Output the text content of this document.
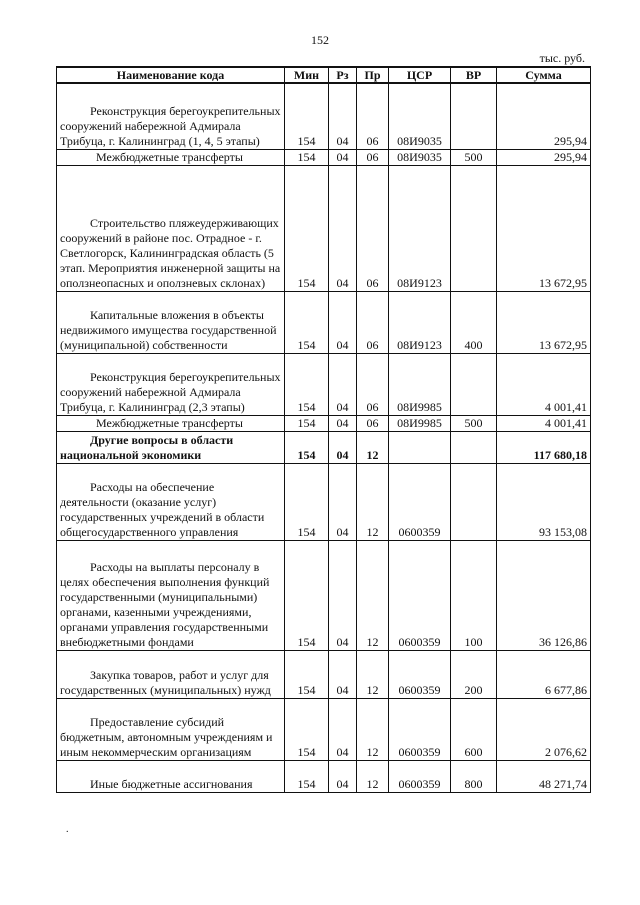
152
тыс. руб.
Наименование кода	Мин	Рз	Пр	ЦСР	ВР	Сумма
Реконструкция берегоукрепительных сооружений набережной Адмирала Трибуца, г. Калининград (1, 4, 5 этапы)	154	04	06	08И9035		295,94
Межбюджетные трансферты	154	04	06	08И9035	500	295,94
Строительство пляжеудерживающих сооружений в районе пос. Отрадное - г. Светлогорск, Калининградская область (5 этап. Мероприятия инженерной защиты на оползнеопасных и оползневых склонах)	154	04	06	08И9123		13 672,95
Капитальные вложения в объекты недвижимого имущества государственной (муниципальной) собственности	154	04	06	08И9123	400	13 672,95
Реконструкция берегоукрепительных сооружений набережной Адмирала Трибуца, г. Калининград (2,3 этапы)	154	04	06	08И9985		4 001,41
Межбюджетные трансферты	154	04	06	08И9985	500	4 001,41
Другие вопросы в области национальной экономики	154	04	12			117 680,18
Расходы на обеспечение деятельности (оказание услуг) государственных учреждений в области общегосударственного управления	154	04	12	0600359		93 153,08
Расходы на выплаты персоналу в целях обеспечения выполнения функций государственными (муниципальными) органами, казенными учреждениями, органами управления государственными внебюджетными фондами	154	04	12	0600359	100	36 126,86
Закупка товаров, работ и услуг для государственных (муниципальных) нужд	154	04	12	0600359	200	6 677,86
Предоставление субсидий бюджетным, автономным учреждениям и иным некоммерческим организациям	154	04	12	0600359	600	2 076,62
Иные бюджетные ассигнования	154	04	12	0600359	800	48 271,74
.
